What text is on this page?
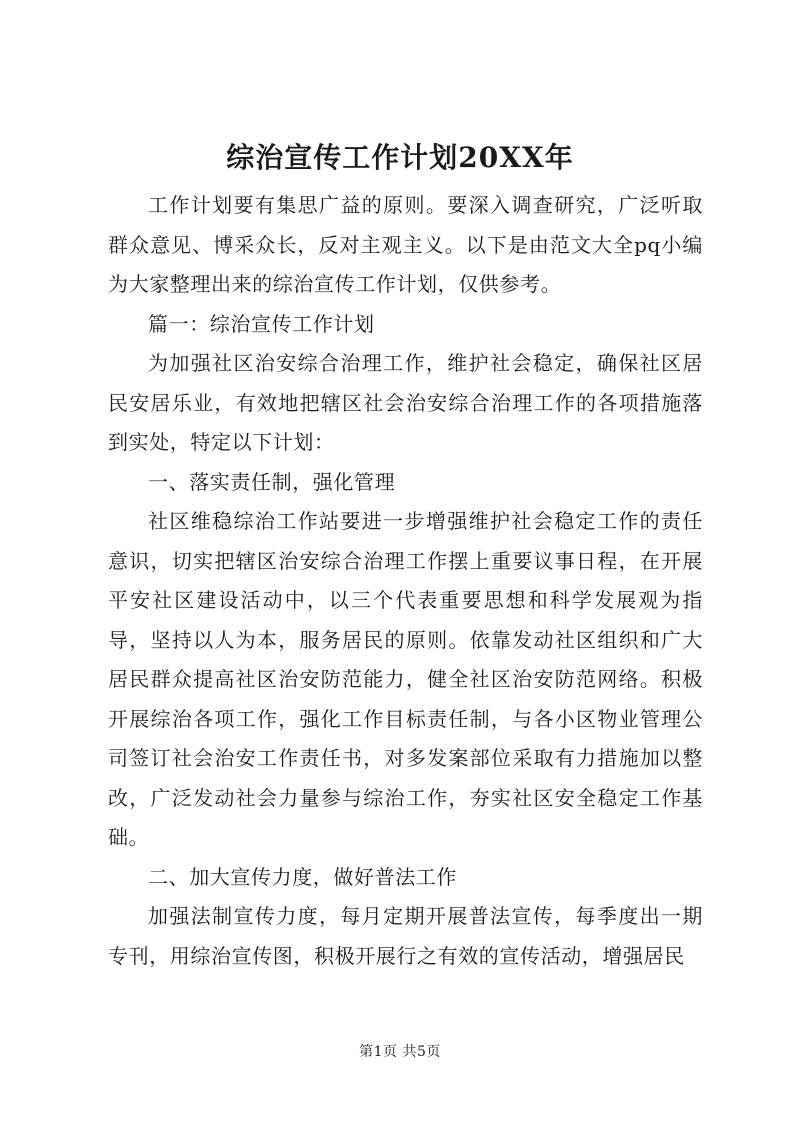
综治宣传工作计划20XX年

工作计划要有集思广益的原则。要深入调查研究，广泛听取群众意见、博采众长，反对主观主义。以下是由范文大全pq小编为大家整理出来的综治宣传工作计划，仅供参考。

篇一：综治宣传工作计划

为加强社区治安综合治理工作，维护社会稳定，确保社区居民安居乐业，有效地把辖区社会治安综合治理工作的各项措施落到实处，特定以下计划：

一、落实责任制，强化管理

社区维稳综治工作站要进一步增强维护社会稳定工作的责任意识，切实把辖区治安综合治理工作摆上重要议事日程，在开展平安社区建设活动中，以三个代表重要思想和科学发展观为指导，坚持以人为本，服务居民的原则。依靠发动社区组织和广大居民群众提高社区治安防范能力，健全社区治安防范网络。积极开展综治各项工作，强化工作目标责任制，与各小区物业管理公司签订社会治安工作责任书，对多发案部位采取有力措施加以整改，广泛发动社会力量参与综治工作，夯实社区安全稳定工作基础。

二、加大宣传力度，做好普法工作

加强法制宣传力度，每月定期开展普法宣传，每季度出一期专刊，用综治宣传图，积极开展行之有效的宣传活动，增强居民

第1页 共5页
